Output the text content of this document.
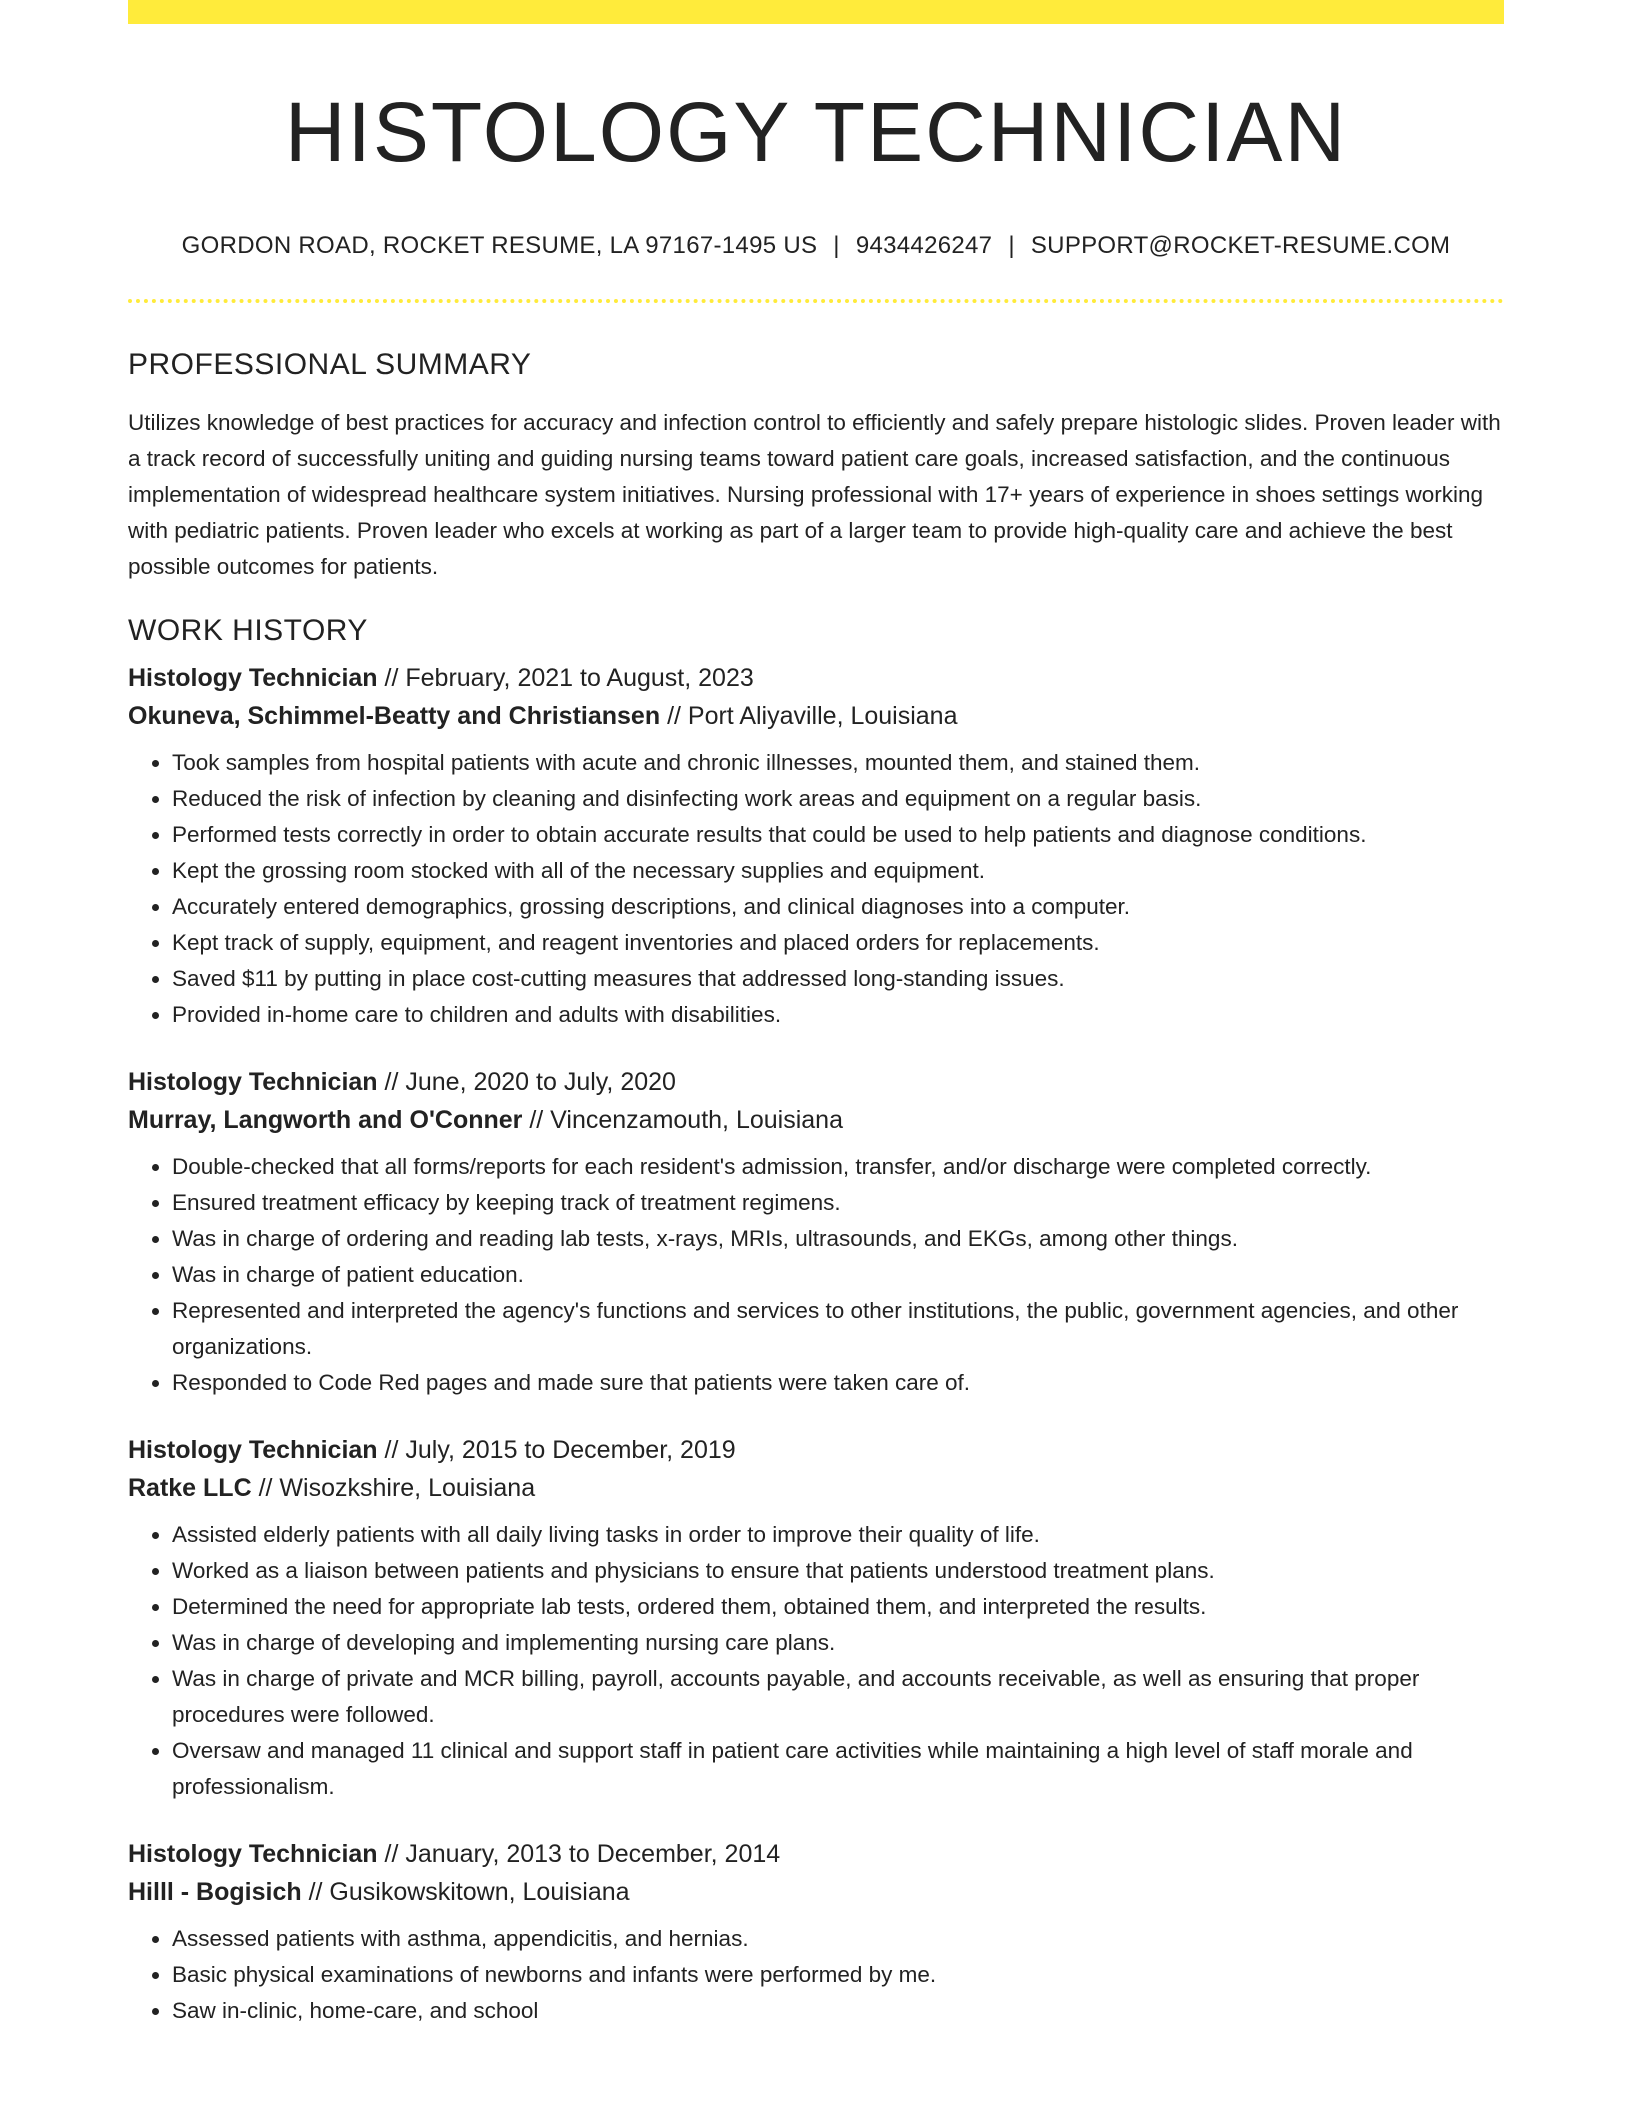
HISTOLOGY TECHNICIAN
GORDON ROAD, ROCKET RESUME, LA 97167-1495 US | 9434426247 | SUPPORT@ROCKET-RESUME.COM
PROFESSIONAL SUMMARY

Utilizes knowledge of best practices for accuracy and infection control to efficiently and safely prepare histologic slides. Proven leader with a track record of successfully uniting and guiding nursing teams toward patient care goals, increased satisfaction, and the continuous implementation of widespread healthcare system initiatives. Nursing professional with 17+ years of experience in shoes settings working with pediatric patients. Proven leader who excels at working as part of a larger team to provide high-quality care and achieve the best possible outcomes for patients.

WORK HISTORY
Histology Technician // February, 2021 to August, 2023
Okuneva, Schimmel-Beatty and Christiansen // Port Aliyaville, Louisiana
• Took samples from hospital patients with acute and chronic illnesses, mounted them, and stained them.
• Reduced the risk of infection by cleaning and disinfecting work areas and equipment on a regular basis.
• Performed tests correctly in order to obtain accurate results that could be used to help patients and diagnose conditions.
• Kept the grossing room stocked with all of the necessary supplies and equipment.
• Accurately entered demographics, grossing descriptions, and clinical diagnoses into a computer.
• Kept track of supply, equipment, and reagent inventories and placed orders for replacements.
• Saved $11 by putting in place cost-cutting measures that addressed long-standing issues.
• Provided in-home care to children and adults with disabilities.
Histology Technician // June, 2020 to July, 2020
Murray, Langworth and O'Conner // Vincenzamouth, Louisiana
• Double-checked that all forms/reports for each resident's admission, transfer, and/or discharge were completed correctly.
• Ensured treatment efficacy by keeping track of treatment regimens.
• Was in charge of ordering and reading lab tests, x-rays, MRIs, ultrasounds, and EKGs, among other things.
• Was in charge of patient education.
• Represented and interpreted the agency's functions and services to other institutions, the public, government agencies, and other organizations.
• Responded to Code Red pages and made sure that patients were taken care of.
Histology Technician // July, 2015 to December, 2019
Ratke LLC // Wisozkshire, Louisiana
• Assisted elderly patients with all daily living tasks in order to improve their quality of life.
• Worked as a liaison between patients and physicians to ensure that patients understood treatment plans.
• Determined the need for appropriate lab tests, ordered them, obtained them, and interpreted the results.
• Was in charge of developing and implementing nursing care plans.
• Was in charge of private and MCR billing, payroll, accounts payable, and accounts receivable, as well as ensuring that proper procedures were followed.
• Oversaw and managed 11 clinical and support staff in patient care activities while maintaining a high level of staff morale and professionalism.
Histology Technician // January, 2013 to December, 2014
Hilll - Bogisich // Gusikowskitown, Louisiana
• Assessed patients with asthma, appendicitis, and hernias.
• Basic physical examinations of newborns and infants were performed by me.
• Saw in-clinic, home-care, and school
